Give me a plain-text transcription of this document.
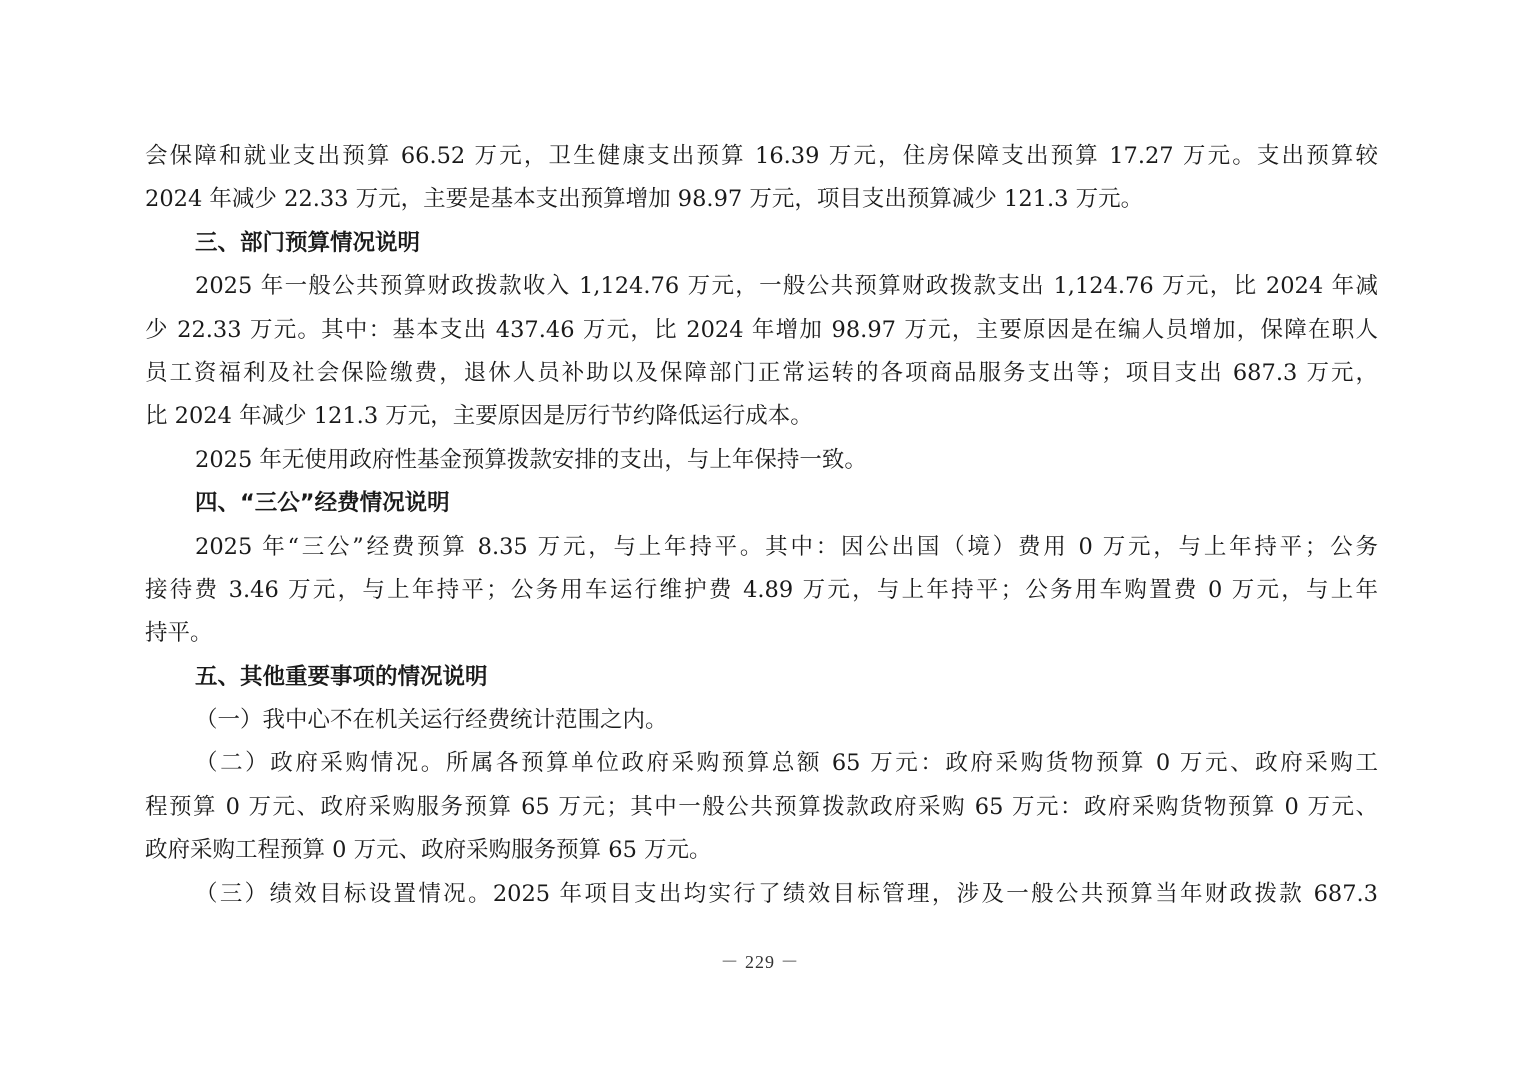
会保障和就业支出预算 66.52 万元，卫生健康支出预算 16.39 万元，住房保障支出预算 17.27 万元。支出预算较
2024 年减少 22.33 万元，主要是基本支出预算增加 98.97 万元，项目支出预算减少 121.3 万元。
三、部门预算情况说明
2025 年一般公共预算财政拨款收入 1,124.76 万元，一般公共预算财政拨款支出 1,124.76 万元，比 2024 年减
少 22.33 万元。其中：基本支出 437.46 万元，比 2024 年增加 98.97 万元，主要原因是在编人员增加，保障在职人
员工资福利及社会保险缴费，退休人员补助以及保障部门正常运转的各项商品服务支出等；项目支出 687.3 万元，
比 2024 年减少 121.3 万元，主要原因是厉行节约降低运行成本。
2025 年无使用政府性基金预算拨款安排的支出，与上年保持一致。
四、“三公”经费情况说明
2025 年“三公”经费预算 8.35 万元，与上年持平。其中：因公出国（境）费用 0 万元，与上年持平；公务
接待费 3.46 万元，与上年持平；公务用车运行维护费 4.89 万元，与上年持平；公务用车购置费 0 万元，与上年
持平。
五、其他重要事项的情况说明
（一）我中心不在机关运行经费统计范围之内。
（二）政府采购情况。所属各预算单位政府采购预算总额 65 万元：政府采购货物预算 0 万元、政府采购工
程预算 0 万元、政府采购服务预算 65 万元；其中一般公共预算拨款政府采购 65 万元：政府采购货物预算 0 万元、
政府采购工程预算 0 万元、政府采购服务预算 65 万元。
（三）绩效目标设置情况。2025 年项目支出均实行了绩效目标管理，涉及一般公共预算当年财政拨款 687.3
－ 229 －
